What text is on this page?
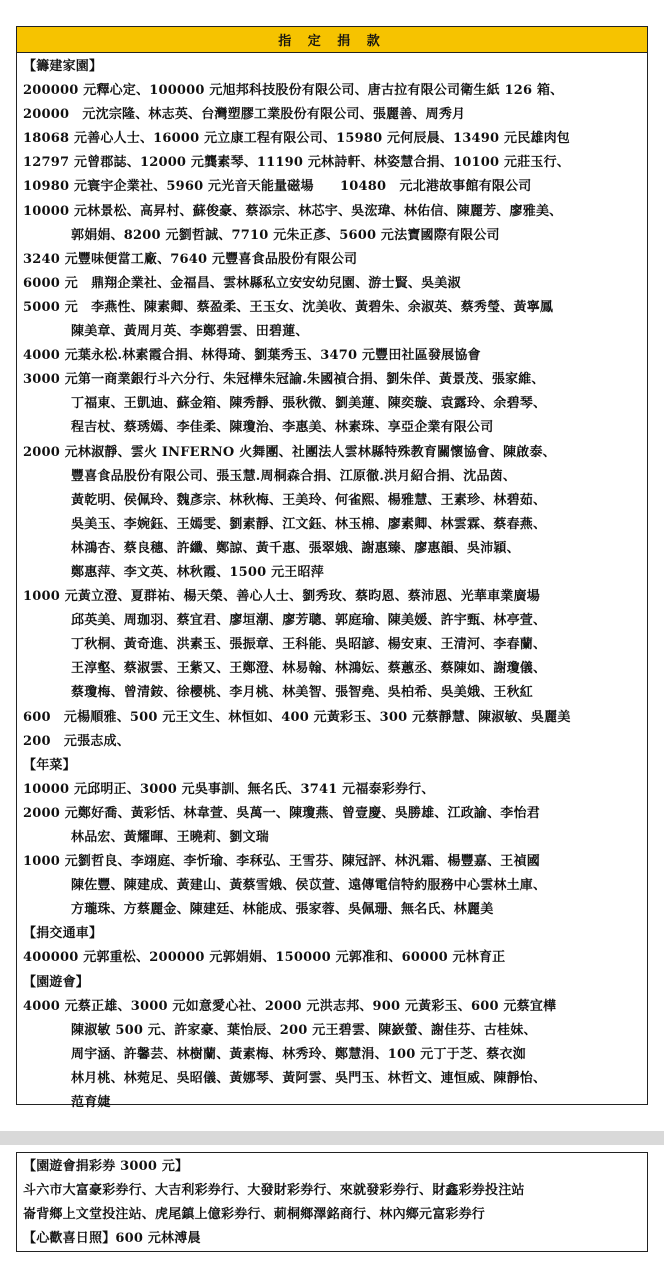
指 定 捐 款
【籌建家園】
200000 元釋心定、100000 元旭邦科技股份有限公司、唐古拉有限公司衛生紙 126 箱、
20000　元沈宗隆、林志英、台灣塑膠工業股份有限公司、張麗善、周秀月
18068 元善心人士、16000 元立康工程有限公司、15980 元何辰晨、13490 元民雄肉包
12797 元曾郡誌、12000 元龔素琴、11190 元林詩軒、林姿慧合捐、10100 元莊玉行、
10980 元寰宇企業社、5960 元光音天能量磁場　　10480　元北港故事館有限公司
10000 元林景松、高昇村、蘇俊豪、蔡添宗、林芯宇、吳浤瑋、林佑信、陳麗芳、廖雅美、
郭娟娟、8200 元劉哲誠、7710 元朱正彥、5600 元法寶國際有限公司
3240 元豐味便當工廠、7640 元豐喜食品股份有限公司
6000 元　鼎翔企業社、金福昌、雲林縣私立安安幼兒園、游士賢、吳美淑
5000 元　李燕性、陳素卿、蔡盈柔、王玉女、沈美收、黃碧朱、余淑英、蔡秀瑩、黃寧鳳
陳美章、黃周月英、李鄭碧雲、田碧蓮、
4000 元葉永松.林素霞合捐、林得琦、劉葉秀玉、3470 元豐田社區發展協會
3000 元第一商業銀行斗六分行、朱冠樺朱冠諭.朱國禎合捐、劉朱佯、黃景茂、張家維、
丁福東、王凱迪、蘇金箱、陳秀靜、張秋微、劉美蓮、陳奕璇、袁露玲、余碧琴、
程吉杖、蔡琇嫣、李佳柔、陳瓊治、李惠美、林素珠、享亞企業有限公司
2000 元林淑靜、雲火 INFERNO 火舞團、社團法人雲林縣特殊教育關懷協會、陳啟泰、
豐喜食品股份有限公司、張玉慧.周桐森合捐、江原徹.洪月紹合捐、沈品茵、
黃乾明、侯佩玲、魏彥宗、林秋梅、王美玲、何雀熙、楊雅慧、王素珍、林碧茹、
吳美玉、李婉鈺、王嫣雯、劉素靜、江文鈺、林玉棉、廖素卿、林雲霖、蔡春燕、
林鴻杏、蔡良穗、許纖、鄭諒、黃千惠、張翠娥、謝惠臻、廖惠韻、吳沛穎、
鄭惠萍、李文英、林秋霞、1500 元王昭萍
1000 元黃立澄、夏群祐、楊天榮、善心人士、劉秀玫、蔡昀恩、蔡沛恩、光華車業廣場
邱英美、周珈羽、蔡宜君、廖垣潮、廖芳聰、郭庭瑜、陳美媛、許宇甄、林亭萱、
丁秋桐、黃奇進、洪素玉、張振章、王科能、吳昭諺、楊安東、王清河、李春蘭、
王淳壑、蔡淑雲、王紫又、王鄭澄、林易翰、林鴻妘、蔡蕙丞、蔡陳如、謝瓊儀、
蔡瓊梅、曾清銨、徐櫻桃、李月桃、林美智、張智堯、吳柏希、吳美娥、王秋紅
600　元楊順雅、500 元王文生、林恒如、400 元黃彩玉、300 元蔡靜慧、陳淑敏、吳麗美
200　元張志成、
【年菜】
10000 元邱明正、3000 元吳事訓、無名氏、3741 元福泰彩券行、
2000 元鄭好喬、黃彩恬、林韋萱、吳萬一、陳瓊燕、曾壹慶、吳勝雄、江政諭、李怡君
林品宏、黃耀暉、王曉莉、劉文瑞
1000 元劉哲良、李翊庭、李忻瑜、李秝弘、王雪芬、陳冠評、林汎霜、楊豐嘉、王禎國
陳佐豐、陳建成、黃建山、黃蔡雪娥、侯苡萱、遠傳電信特約服務中心雲林土庫、
方瓏珠、方蔡麗金、陳建廷、林能成、張家蓉、吳佩珊、無名氏、林麗美
【捐交通車】
400000 元郭重松、200000 元郭娟娟、150000 元郭准和、60000 元林育正
【園遊會】
4000 元蔡正雄、3000 元如意愛心社、2000 元洪志邦、900 元黃彩玉、600 元蔡宜樺
陳淑敏 500 元、許家豪、葉怡辰、200 元王碧雲、陳嶔螢、謝佳芬、古桂妹、
周宇涵、許馨芸、林樹蘭、黃素梅、林秀玲、鄭慧涓、100 元丁于芝、蔡衣洳
林月桃、林菀足、吳昭儀、黃娜琴、黃阿雲、吳門玉、林哲文、連恒威、陳靜怡、
范育婕
【園遊會捐彩券 3000 元】
斗六市大富豪彩券行、大吉利彩券行、大發財彩券行、來就發彩券行、財鑫彩券投注站
崙背鄉上文堂投注站、虎尾鎮上億彩券行、莿桐鄉澤銘商行、林內鄉元富彩券行
【心歡喜日照】600 元林溥晨
